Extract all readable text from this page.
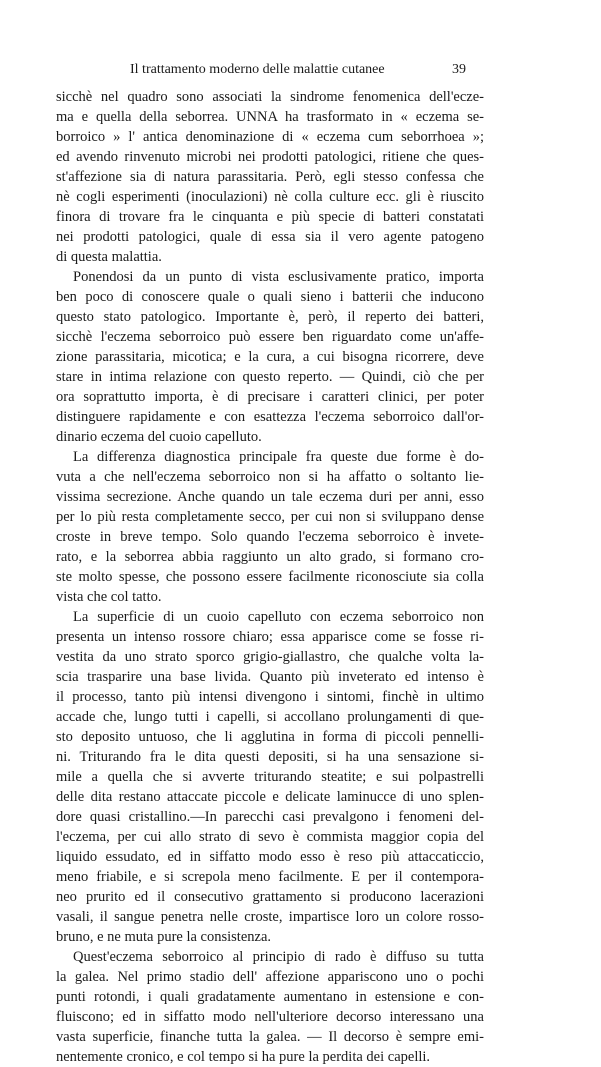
Il trattamento moderno delle malattie cutanee	39
sicchè nel quadro sono associati la sindrome fenomenica dell'ecze-
ma e quella della seborrea. UNNA ha trasformato in « eczema se-
borroico » l' antica denominazione di « eczema cum seborrhoea »;
ed avendo rinvenuto microbi nei prodotti patologici, ritiene che ques-
st'affezione sia di natura parassitaria. Però, egli stesso confessa che
nè cogli esperimenti (inoculazioni) nè colla culture ecc. gli è riuscito
finora di trovare fra le cinquanta e più specie di batteri constatati
nei prodotti patologici, quale di essa sia il vero agente patogeno
di questa malattia.
Ponendosi da un punto di vista esclusivamente pratico, importa
ben poco di conoscere quale o quali sieno i batterii che inducono
questo stato patologico. Importante è, però, il reperto dei batteri,
sicchè l'eczema seborroico può essere ben riguardato come un'affe-
zione parassitaria, micotica; e la cura, a cui bisogna ricorrere, deve
stare in intima relazione con questo reperto. — Quindi, ciò che per
ora soprattutto importa, è di precisare i caratteri clinici, per poter
distinguere rapidamente e con esattezza l'eczema seborroico dall'or-
dinario eczema del cuoio capelluto.
La differenza diagnostica principale fra queste due forme è do-
vuta a che nell'eczema seborroico non si ha affatto o soltanto lie-
vissima secrezione. Anche quando un tale eczema duri per anni, esso
per lo più resta completamente secco, per cui non si sviluppano dense
croste in breve tempo. Solo quando l'eczema seborroico è invete-
rato, e la seborrea abbia raggiunto un alto grado, si formano cro-
ste molto spesse, che possono essere facilmente riconosciute sia colla
vista che col tatto.
La superficie di un cuoio capelluto con eczema seborroico non
presenta un intenso rossore chiaro; essa apparisce come se fosse ri-
vestita da uno strato sporco grigio-giallastro, che qualche volta la-
scia trasparire una base livida. Quanto più inveterato ed intenso è
il processo, tanto più intensi divengono i sintomi, finchè in ultimo
accade che, lungo tutti i capelli, si accollano prolungamenti di que-
sto deposito untuoso, che li agglutina in forma di piccoli pennelli-
ni. Triturando fra le dita questi depositi, si ha una sensazione si-
mile a quella che si avverte triturando steatite; e sui polpastrelli
delle dita restano attaccate piccole e delicate laminucce di uno splen-
dore quasi cristallino.—In parecchi casi prevalgono i fenomeni del-
l'eczema, per cui allo strato di sevo è commista maggior copia del
liquido essudato, ed in siffatto modo esso è reso più attaccaticcio,
meno friabile, e si screpola meno facilmente. E per il contempora-
neo prurito ed il consecutivo grattamento si producono lacerazioni
vasali, il sangue penetra nelle croste, impartisce loro un colore rosso-
bruno, e ne muta pure la consistenza.
Quest'eczema seborroico al principio di rado è diffuso su tutta
la galea. Nel primo stadio dell' affezione appariscono uno o pochi
punti rotondi, i quali gradatamente aumentano in estensione e con-
fluiscono; ed in siffatto modo nell'ulteriore decorso interessano una
vasta superficie, finanche tutta la galea. — Il decorso è sempre emi-
nentemente cronico, e col tempo si ha pure la perdita dei capelli.
